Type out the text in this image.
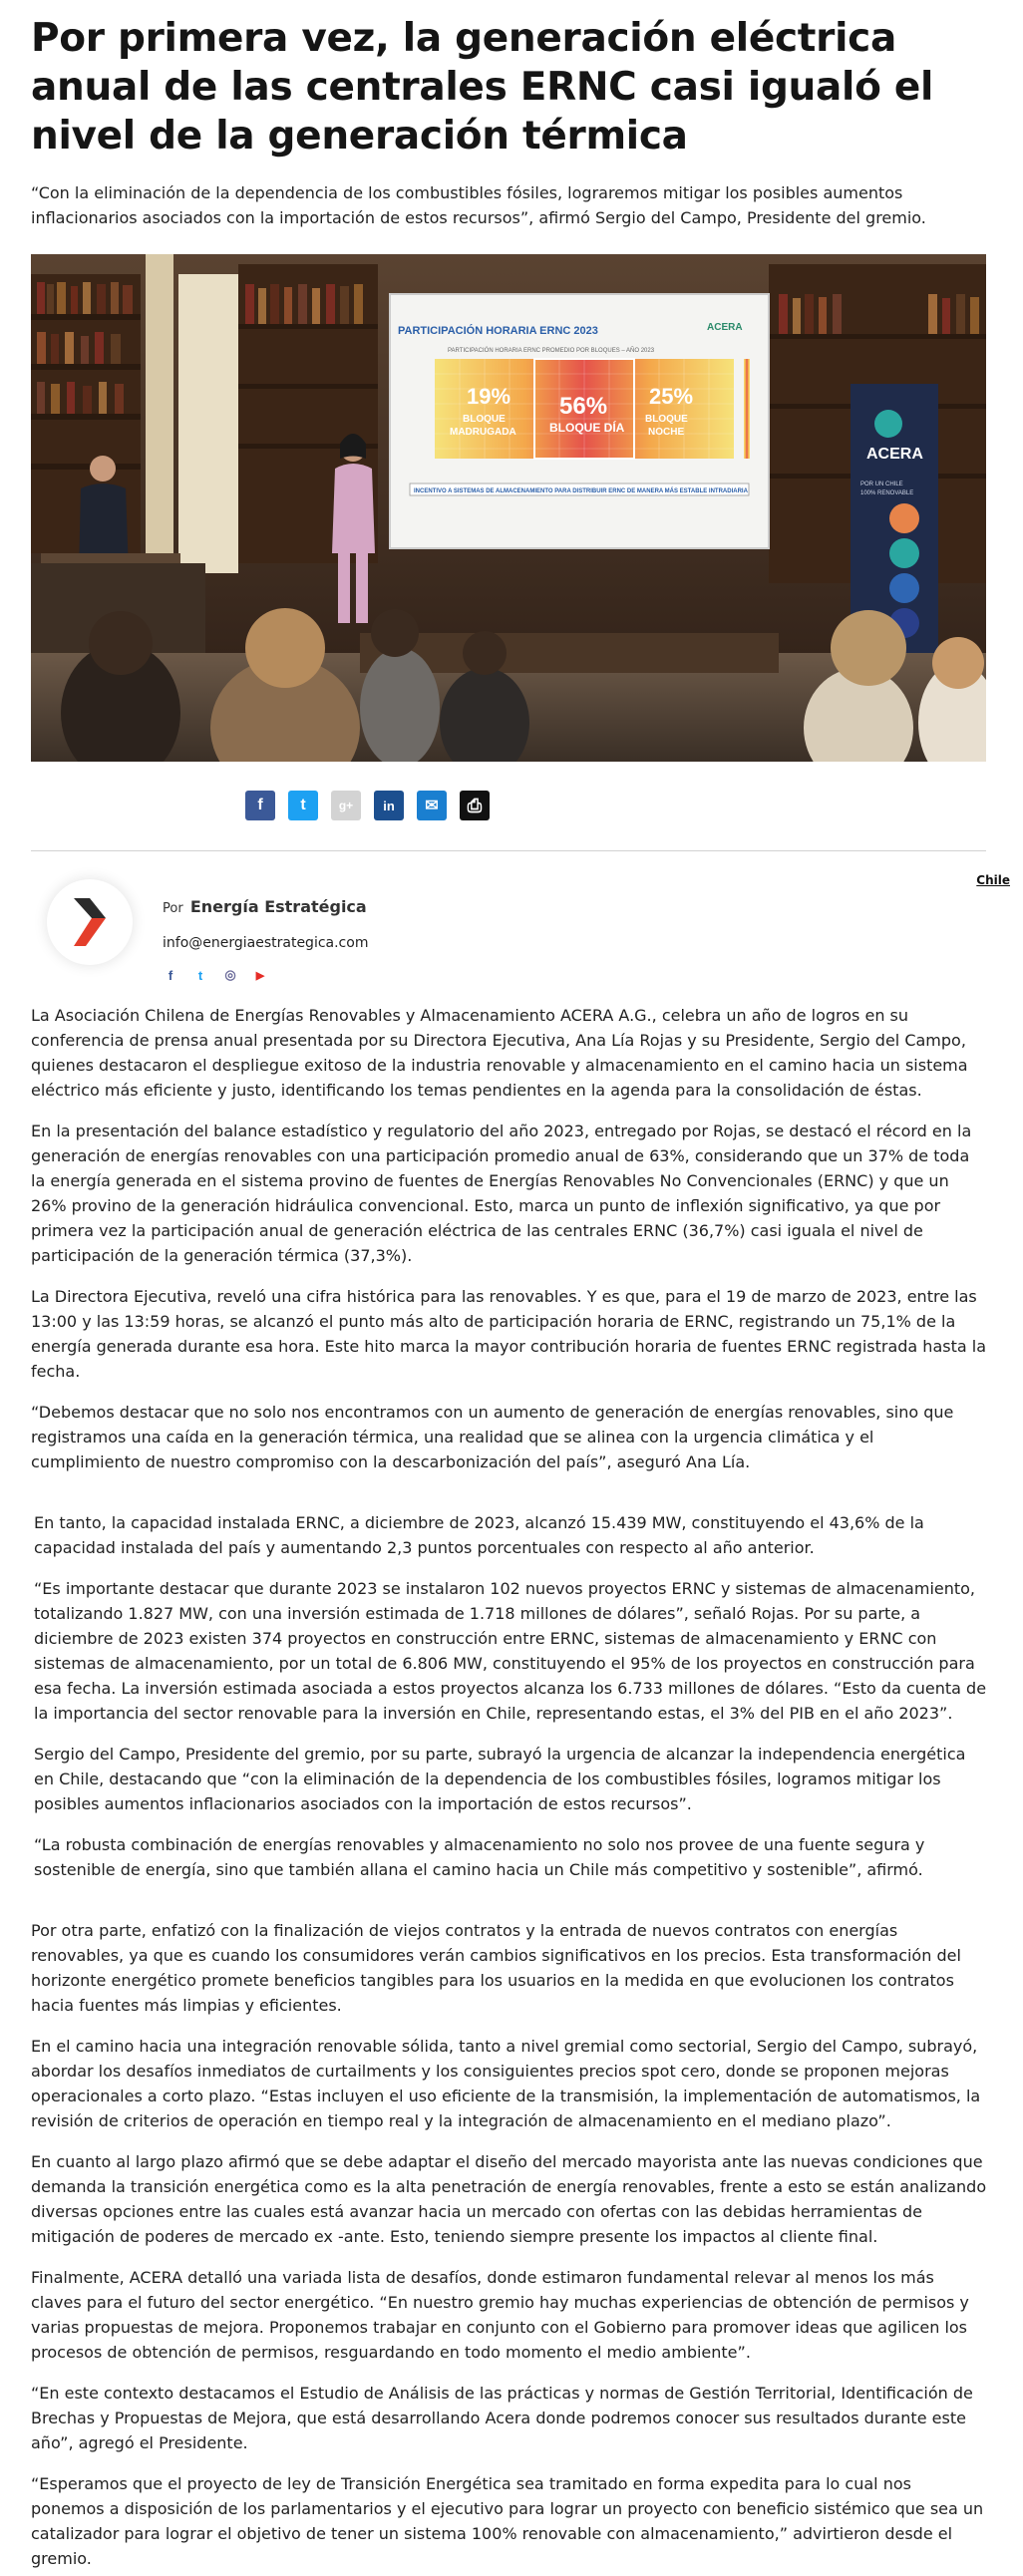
Por primera vez, la generación eléctrica anual de las centrales ERNC casi igualó el nivel de la generación térmica

“Con la eliminación de la dependencia de los combustibles fósiles, lograremos mitigar los posibles aumentos inflacionarios asociados con la importación de estos recursos”, afirmó Sergio del Campo, Presidente del gremio.

PARTICIPACIÓN HORARIA ERNC 2023	ACERA
PARTICIPACIÓN HORARIA ERNC PROMEDIO POR BLOQUES – AÑO 2023
19%
BLOQUE
MADRUGADA
56%
BLOQUE DÍA
25%
BLOQUE
NOCHE
INCENTIVO A SISTEMAS DE ALMACENAMIENTO PARA DISTRIBUIR ERNC DE MANERA MÁS ESTABLE INTRADIARIA
ACERA
POR UN CHILE
100% RENOVABLE
f t	g+ in ✉ ⎙
Por Energía Estratégica
info@energiaestrategica.com
f	t	◎	▶
Chile

La Asociación Chilena de Energías Renovables y Almacenamiento ACERA A.G., celebra un año de logros en su conferencia de prensa anual presentada por su Directora Ejecutiva, Ana Lía Rojas y su Presidente, Sergio del Campo, quienes destacaron el despliegue exitoso de la industria renovable y almacenamiento en el camino hacia un sistema eléctrico más eficiente y justo, identificando los temas pendientes en la agenda para la consolidación de éstas.

En la presentación del balance estadístico y regulatorio del año 2023, entregado por Rojas, se destacó el récord en la generación de energías renovables con una participación promedio anual de 63%, considerando que un 37% de toda la energía generada en el sistema provino de fuentes de Energías Renovables No Convencionales (ERNC) y que un 26% provino de la generación hidráulica convencional. Esto, marca un punto de inflexión significativo, ya que por primera vez la participación anual de generación eléctrica de las centrales ERNC (36,7%) casi iguala el nivel de participación de la generación térmica (37,3%).

La Directora Ejecutiva, reveló una cifra histórica para las renovables. Y es que, para el 19 de marzo de 2023, entre las 13:00 y las 13:59 horas, se alcanzó el punto más alto de participación horaria de ERNC, registrando un 75,1% de la energía generada durante esa hora. Este hito marca la mayor contribución horaria de fuentes ERNC registrada hasta la fecha.

“Debemos destacar que no solo nos encontramos con un aumento de generación de energías renovables, sino que registramos una caída en la generación térmica, una realidad que se alinea con la urgencia climática y el cumplimiento de nuestro compromiso con la descarbonización del país”, aseguró Ana Lía.

En tanto, la capacidad instalada ERNC, a diciembre de 2023, alcanzó 15.439 MW, constituyendo el 43,6% de la capacidad instalada del país y aumentando 2,3 puntos porcentuales con respecto al año anterior.

“Es importante destacar que durante 2023 se instalaron 102 nuevos proyectos ERNC y sistemas de almacenamiento, totalizando 1.827 MW, con una inversión estimada de 1.718 millones de dólares”, señaló Rojas. Por su parte, a diciembre de 2023 existen 374 proyectos en construcción entre ERNC, sistemas de almacenamiento y ERNC con sistemas de almacenamiento, por un total de 6.806 MW, constituyendo el 95% de los proyectos en construcción para esa fecha. La inversión estimada asociada a estos proyectos alcanza los 6.733 millones de dólares. “Esto da cuenta de la importancia del sector renovable para la inversión en Chile, representando estas, el 3% del PIB en el año 2023”.

Sergio del Campo, Presidente del gremio, por su parte, subrayó la urgencia de alcanzar la independencia energética en Chile, destacando que “con la eliminación de la dependencia de los combustibles fósiles, logramos mitigar los posibles aumentos inflacionarios asociados con la importación de estos recursos”.

“La robusta combinación de energías renovables y almacenamiento no solo nos provee de una fuente segura y sostenible de energía, sino que también allana el camino hacia un Chile más competitivo y sostenible”, afirmó.

Por otra parte, enfatizó con la finalización de viejos contratos y la entrada de nuevos contratos con energías renovables, ya que es cuando los consumidores verán cambios significativos en los precios. Esta transformación del horizonte energético promete beneficios tangibles para los usuarios en la medida en que evolucionen los contratos hacia fuentes más limpias y eficientes.

En el camino hacia una integración renovable sólida, tanto a nivel gremial como sectorial, Sergio del Campo, subrayó, abordar los desafíos inmediatos de curtailments y los consiguientes precios spot cero, donde se proponen mejoras operacionales a corto plazo. “Estas incluyen el uso eficiente de la transmisión, la implementación de automatismos, la revisión de criterios de operación en tiempo real y la integración de almacenamiento en el mediano plazo”.

En cuanto al largo plazo afirmó que se debe adaptar el diseño del mercado mayorista ante las nuevas condiciones que demanda la transición energética como es la alta penetración de energía renovables, frente a esto se están analizando diversas opciones entre las cuales está avanzar hacia un mercado con ofertas con las debidas herramientas de mitigación de poderes de mercado ex -ante. Esto, teniendo siempre presente los impactos al cliente final.

Finalmente, ACERA detalló una variada lista de desafíos, donde estimaron fundamental relevar al menos los más claves para el futuro del sector energético. “En nuestro gremio hay muchas experiencias de obtención de permisos y varias propuestas de mejora. Proponemos trabajar en conjunto con el Gobierno para promover ideas que agilicen los procesos de obtención de permisos, resguardando en todo momento el medio ambiente”.

“En este contexto destacamos el Estudio de Análisis de las prácticas y normas de Gestión Territorial, Identificación de Brechas y Propuestas de Mejora, que está desarrollando Acera donde podremos conocer sus resultados durante este año”, agregó el Presidente.

“Esperamos que el proyecto de ley de Transición Energética sea tramitado en forma expedita para lo cual nos ponemos a disposición de los parlamentarios y el ejecutivo para lograr un proyecto con beneficio sistémico que sea un catalizador para lograr el objetivo de tener un sistema 100% renovable con almacenamiento,” advirtieron desde el gremio.
